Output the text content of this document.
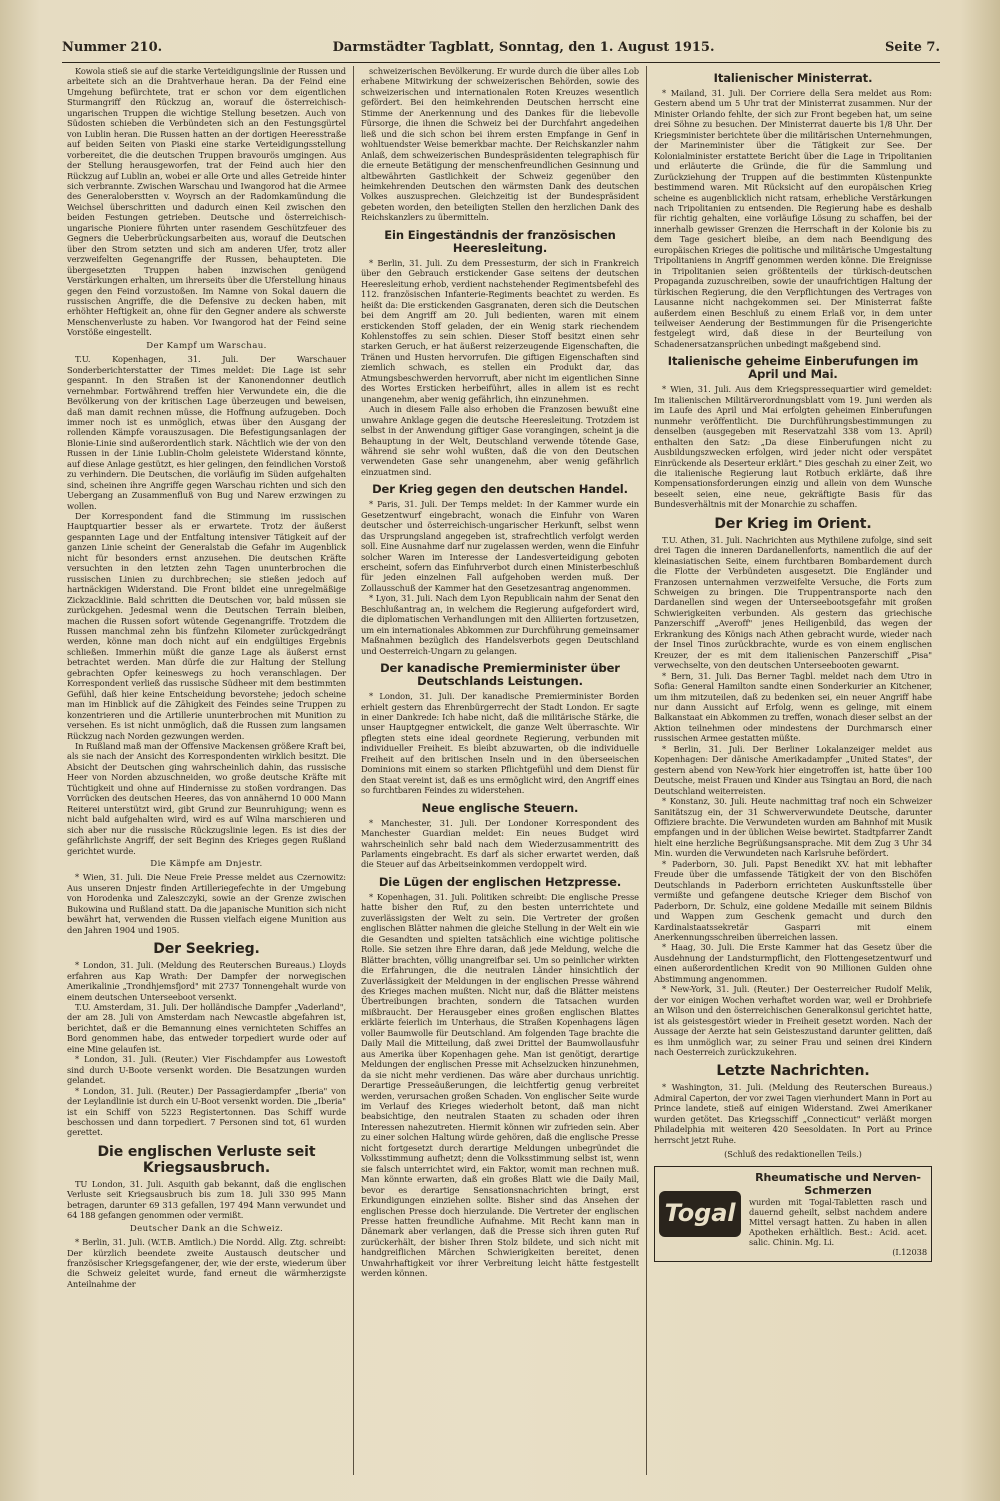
Nummer 210.	Darmstädter Tagblatt, Sonntag, den 1. August 1915.	Seite 7.

Kowola stieß sie auf die starke Verteidigungslinie der Russen und arbeitete sich an die Drahtverhaue heran. Da der Feind eine Umgehung befürchtete, trat er schon vor dem eigentlichen Sturmangriff den Rückzug an, worauf die österreichisch-ungarischen Truppen die wichtige Stellung besetzen. Auch von Südosten schieben die Verbündeten sich an den Festungsgürtel von Lublin heran. Die Russen hatten an der dortigen Heeresstraße auf beiden Seiten von Piaski eine starke Verteidigungsstellung vorbereitet, die die deutschen Truppen bravourös umgingen. Aus der Stellung herausgeworfen, trat der Feind auch hier den Rückzug auf Lublin an, wobei er alle Orte und alles Getreide hinter sich verbrannte. Zwischen Warschau und Iwangorod hat die Armee des Generaloberstten v. Woyrsch an der Radomkamündung die Weichsel überschritten und dadurch einen Keil zwischen den beiden Festungen getrieben. Deutsche und österreichisch-ungarische Pioniere führten unter rasendem Geschützfeuer des Gegners die Ueberbrückungsarbeiten aus, worauf die Deutschen über den Strom setzten und sich am anderen Ufer, trotz aller verzweifelten Gegenangriffe der Russen, behaupteten. Die übergesetzten Truppen haben inzwischen genügend Verstärkungen erhalten, um ihrerseits über die Uferstellung hinaus gegen den Feind vorzustoßen. Im Namne von Sokal dauern die russischen Angriffe, die die Defensive zu decken haben, mit erhöhter Heftigkeit an, ohne für den Gegner andere als schwerste Menschenverluste zu haben. Vor Iwangorod hat der Feind seine Vorstöße eingestellt.

Der Kampf um Warschau.

T.U. Kopenhagen, 31. Juli. Der Warschauer Sonderberichterstatter der Times meldet: Die Lage ist sehr gespannt. In den Straßen ist der Kanonendonner deutlich vernehmbar. Fortwährend treffen hier Verwundete ein, die die Bevölkerung von der kritischen Lage überzeugen und beweisen, daß man damit rechnen müsse, die Hoffnung aufzugeben. Doch immer noch ist es unmöglich, etwas über den Ausgang der rollenden Kämpfe vorauszusagen. Die Befestigungsanlagen der Blonie-Linie sind außerordentlich stark. Nächtlich wie der von den Russen in der Linie Lublin-Cholm geleistete Widerstand könnte, auf diese Anlage gestützt, es hier gelingen, den feindlichen Vorstoß zu verhindern. Die Deutschen, die vorläufig im Süden aufgehalten sind, scheinen ihre Angriffe gegen Warschau richten und sich den Uebergang an Zusammenfluß von Bug und Narew erzwingen zu wollen.

Der Korrespondent fand die Stimmung im russischen Hauptquartier besser als er erwartete. Trotz der äußerst gespannten Lage und der Entfaltung intensiver Tätigkeit auf der ganzen Linie scheint der Generalstab die Gefahr im Augenblick nicht für besonders ernst anzusehen. Die deutschen Kräfte versuchten in den letzten zehn Tagen ununterbrochen die russischen Linien zu durchbrechen; sie stießen jedoch auf hartnäckigen Widerstand. Die Front bildet eine unregelmäßige Zickzacklinie. Bald schritten die Deutschen vor, bald müssen sie zurückgehen. Jedesmal wenn die Deutschen Terrain bleiben, machen die Russen sofort wütende Gegenangriffe. Trotzdem die Russen manchmal zehn bis fünfzehn Kilometer zurückgedrängt werden, könne man doch nicht auf ein endgültiges Ergebnis schließen. Immerhin müßt die ganze Lage als äußerst ernst betrachtet werden. Man dürfe die zur Haltung der Stellung gebrachten Opfer keineswegs zu hoch veranschlagen. Der Korrespondent verließ das russische Südheer mit dem bestimmten Gefühl, daß hier keine Entscheidung bevorstehe; jedoch scheine man im Hinblick auf die Zähigkeit des Feindes seine Truppen zu konzentrieren und die Artillerie ununterbrochen mit Munition zu versehen. Es ist nicht unmöglich, daß die Russen zum langsamen Rückzug nach Norden gezwungen werden.

In Rußland maß man der Offensive Mackensen größere Kraft bei, als sie nach der Ansicht des Korrespondenten wirklich besitzt. Die Absicht der Deutschen ging wahrscheinlich dahin, das russische Heer von Norden abzuschneiden, wo große deutsche Kräfte mit Tüchtigkeit und ohne auf Hindernisse zu stoßen vordrangen. Das Vorrücken des deutschen Heeres, das von annähernd 10 000 Mann Reiterei unterstützt wird, gibt Grund zur Beunruhigung; wenn es nicht bald aufgehalten wird, wird es auf Wilna marschieren und sich aber nur die russische Rückzugslinie legen. Es ist dies der gefährlichste Angriff, der seit Beginn des Krieges gegen Rußland gerichtet wurde.

Die Kämpfe am Dnjestr.

* Wien, 31. Juli. Die Neue Freie Presse meldet aus Czernowitz: Aus unseren Dnjestr finden Artilleriegefechte in der Umgebung von Horodenka und Zaleszczyki, sowie an der Grenze zwischen Bukowina und Rußland statt. Da die japanische Munition sich nicht bewährt hat, verwenden die Russen vielfach eigene Munition aus den Jahren 1904 und 1905.

Der Seekrieg.

* London, 31. Juli. (Meldung des Reuterschen Bureaus.) Lloyds erfahren aus Kap Wrath: Der Dampfer der norwegischen Amerikalinie „Trondhjemsfjord" mit 2737 Tonnengehalt wurde von einem deutschen Unterseeboot versenkt.

T.U. Amsterdam, 31. Juli. Der holländische Dampfer „Vaderland", der am 28. Juli von Amsterdam nach Newcastle abgefahren ist, berichtet, daß er die Bemannung eines vernichteten Schiffes an Bord genommen habe, das entweder torpediert wurde oder auf eine Mine gelaufen ist.

* London, 31. Juli. (Reuter.) Vier Fischdampfer aus Lowestoft sind durch U-Boote versenkt worden. Die Besatzungen wurden gelandet.

* London, 31. Juli. (Reuter.) Der Passagierdampfer „Iberia" von der Leylandlinie ist durch ein U-Boot versenkt worden. Die „Iberia" ist ein Schiff von 5223 Registertonnen. Das Schiff wurde beschossen und dann torpediert. 7 Personen sind tot, 61 wurden gerettet.

Die englischen Verluste seit Kriegsausbruch.

TU London, 31. Juli. Asquith gab bekannt, daß die englischen Verluste seit Kriegsausbruch bis zum 18. Juli 330 995 Mann betragen, darunter 69 313 gefallen, 197 494 Mann verwundet und 64 188 gefangen genommen oder vermißt.

Deutscher Dank an die Schweiz.

* Berlin, 31. Juli. (W.T.B. Amtlich.) Die Nordd. Allg. Ztg. schreibt: Der kürzlich beendete zweite Austausch deutscher und französischer Kriegsgefangener, der, wie der erste, wiederum über die Schweiz geleitet wurde, fand erneut die wärmherzigste Anteilnahme der

schweizerischen Bevölkerung. Er wurde durch die über alles Lob erhabene Mitwirkung der schweizerischen Behörden, sowie des schweizerischen und internationalen Roten Kreuzes wesentlich gefördert. Bei den heimkehrenden Deutschen herrscht eine Stimme der Anerkennung und des Dankes für die liebevolle Fürsorge, die ihnen die Schweiz bei der Durchfahrt angedeihen ließ und die sich schon bei ihrem ersten Empfange in Genf in wohltuendster Weise bemerkbar machte. Der Reichskanzler nahm Anlaß, dem schweizerischen Bundespräsidenten telegraphisch für die erneute Betätigung der menschenfreundlichen Gesinnung und altbewährten Gastlichkeit der Schweiz gegenüber den heimkehrenden Deutschen den wärmsten Dank des deutschen Volkes auszusprechen. Gleichzeitig ist der Bundespräsident gebeten worden, den beteiligten Stellen den herzlichen Dank des Reichskanzlers zu übermitteln.

Ein Eingeständnis der französischen Heeresleitung.

* Berlin, 31. Juli. Zu dem Pressesturm, der sich in Frankreich über den Gebrauch erstickender Gase seitens der deutschen Heeresleitung erhob, verdient nachstehender Regimentsbefehl des 112. französischen Infanterie-Regiments beachtet zu werden. Es heißt da: Die erstickenden Gasgranaten, deren sich die Deutschen bei dem Angriff am 20. Juli bedienten, waren mit einem erstickenden Stoff geladen, der ein Wenig stark riechendem Kohlenstoffes zu sein schien. Dieser Stoff besitzt einen sehr starken Geruch, er hat äußerst reizerzeugende Eigenschaften, die Tränen und Husten hervorrufen. Die giftigen Eigenschaften sind ziemlich schwach, es stellen ein Produkt dar, das Atmungsbeschwerden hervorruft, aber nicht im eigentlichen Sinne des Wortes Ersticken herbeiführt, alles in allem ist es recht unangenehm, aber wenig gefährlich, ihn einzunehmen.

Auch in diesem Falle also erhoben die Franzosen bewußt eine unwahre Anklage gegen die deutsche Heeresleitung. Trotzdem ist selbst in der Anwendung giftiger Gase vorangingen, scheint ja die Behauptung in der Welt, Deutschland verwende tötende Gase, während sie sehr wohl wußten, daß die von den Deutschen verwendeten Gase sehr unangenehm, aber wenig gefährlich einzuatmen sind.

Der Krieg gegen den deutschen Handel.

* Paris, 31. Juli. Der Temps meldet: In der Kammer wurde ein Gesetzentwurf eingebracht, wonach die Einfuhr von Waren deutscher und österreichisch-ungarischer Herkunft, selbst wenn das Ursprungsland angegeben ist, strafrechtlich verfolgt werden soll. Eine Ausnahme darf nur zugelassen werden, wenn die Einfuhr solcher Waren im Interesse der Landesverteidigung geboten erscheint, sofern das Einfuhrverbot durch einen Ministerbeschluß für jeden einzelnen Fall aufgehoben werden muß. Der Zollausschuß der Kammer hat den Gesetzesantrag angenommen.

* Lyon, 31. Juli. Nach dem Lyon Republicain nahm der Senat den Beschlußantrag an, in welchem die Regierung aufgefordert wird, die diplomatischen Verhandlungen mit den Alliierten fortzusetzen, um ein internationales Abkommen zur Durchführung gemeinsamer Maßnahmen bezüglich des Handelsverbots gegen Deutschland und Oesterreich-Ungarn zu gelangen.

Der kanadische Premierminister über Deutschlands Leistungen.

* London, 31. Juli. Der kanadische Premierminister Borden erhielt gestern das Ehrenbürgerrecht der Stadt London. Er sagte in einer Dankrede: Ich habe nicht, daß die militärische Stärke, die unser Hauptgegner entwickelt, die ganze Welt überraschte. Wir pflegten stets eine ideal geordnete Regierung, verbunden mit individueller Freiheit. Es bleibt abzuwarten, ob die individuelle Freiheit auf den britischen Inseln und in den überseeischen Dominions mit einem so starken Pflichtgefühl und dem Dienst für den Staat vereint ist, daß es uns ermöglicht wird, den Angriff eines so furchtbaren Feindes zu widerstehen.

Neue englische Steuern.

* Manchester, 31. Juli. Der Londoner Korrespondent des Manchester Guardian meldet: Ein neues Budget wird wahrscheinlich sehr bald nach dem Wiederzusammentritt des Parlaments eingebracht. Es darf als sicher erwartet werden, daß die Steuer auf das Arbeitseinkommen verdoppelt wird.

Die Lügen der englischen Hetzpresse.

* Kopenhagen, 31. Juli. Politiken schreibt: Die englische Presse hatte bisher den Ruf, zu den besten unterrichtete und zuverlässigsten der Welt zu sein. Die Vertreter der großen englischen Blätter nahmen die gleiche Stellung in der Welt ein wie die Gesandten und spielten tatsächlich eine wichtige politische Rolle. Sie setzen ihre Ehre daran, daß jede Meldung, welche die Blätter brachten, völlig unangreifbar sei. Um so peinlicher wirkten die Erfahrungen, die die neutralen Länder hinsichtlich der Zuverlässigkeit der Meldungen in der englischen Presse während des Krieges machen mußten. Nicht nur, daß die Blätter meistens Übertreibungen brachten, sondern die Tatsachen wurden mißbraucht. Der Herausgeber eines großen englischen Blattes erklärte feierlich im Unterhaus, die Straßen Kopenhagens lägen voller Baumwolle für Deutschland. Am folgenden Tage brachte die Daily Mail die Mitteilung, daß zwei Drittel der Baumwollausfuhr aus Amerika über Kopenhagen gehe. Man ist genötigt, derartige Meldungen der englischen Presse mit Achselzucken hinzunehmen, da sie nicht mehr verdienen. Das wäre aber durchaus unrichtig. Derartige Presseäußerungen, die leichtfertig genug verbreitet werden, verursachen großen Schaden. Von englischer Seite wurde im Verlauf des Krieges wiederholt betont, daß man nicht beabsichtige, den neutralen Staaten zu schaden oder ihren Interessen nahezutreten. Hiermit können wir zufrieden sein. Aber zu einer solchen Haltung würde gehören, daß die englische Presse nicht fortgesetzt durch derartige Meldungen unbegründet die Volksstimmung aufhetzt; denn die Volksstimmung selbst ist, wenn sie falsch unterrichtet wird, ein Faktor, womit man rechnen muß. Man könnte erwarten, daß ein großes Blatt wie die Daily Mail, bevor es derartige Sensationsnachrichten bringt, erst Erkundigungen einziehen sollte. Bisher sind das Ansehen der englischen Presse doch hierzulande. Die Vertreter der englischen Presse hatten freundliche Aufnahme. Mit Recht kann man in Dänemark aber verlangen, daß die Presse sich ihren guten Ruf zurückerhält, der bisher Ihren Stolz bildete, und sich nicht mit handgreiflichen Märchen Schwierigkeiten bereitet, denen Unwahrhaftigkeit vor ihrer Verbreitung leicht hätte festgestellt werden können.

Italienischer Ministerrat.

* Mailand, 31. Juli. Der Corriere della Sera meldet aus Rom: Gestern abend um 5 Uhr trat der Ministerrat zusammen. Nur der Minister Orlando fehlte, der sich zur Front begeben hat, um seine drei Söhne zu besuchen. Der Ministerrat dauerte bis 1/8 Uhr. Der Kriegsminister berichtete über die militärischen Unternehmungen, der Marineminister über die Tätigkeit zur See. Der Kolonialminister erstattete Bericht über die Lage in Tripolitanien und erläuterte die Gründe, die für die Sammlung und Zurückziehung der Truppen auf die bestimmten Küstenpunkte bestimmend waren. Mit Rücksicht auf den europäischen Krieg scheine es augenblicklich nicht ratsam, erhebliche Verstärkungen nach Tripolitanien zu entsenden. Die Regierung habe es deshalb für richtig gehalten, eine vorläufige Lösung zu schaffen, bei der innerhalb gewisser Grenzen die Herrschaft in der Kolonie bis zu dem Tage gesichert bleibe, an dem nach Beendigung des europäischen Krieges die politische und militärische Umgestaltung Tripolitaniens in Angriff genommen werden könne. Die Ereignisse in Tripolitanien seien größtenteils der türkisch-deutschen Propaganda zuzuschreiben, sowie der unaufrichtigen Haltung der türkischen Regierung, die den Verpflichtungen des Vertrages von Lausanne nicht nachgekommen sei. Der Ministerrat faßte außerdem einen Beschluß zu einem Erlaß vor, in dem unter teilweiser Aenderung der Bestimmungen für die Prisengerichte festgelegt wird, daß diese in der Beurteilung von Schadenersatzansprüchen unbedingt maßgebend sind.

Italienische geheime Einberufungen im April und Mai.

* Wien, 31. Juli. Aus dem Kriegspressequartier wird gemeldet: Im italienischen Militärverordnungsblatt vom 19. Juni werden als im Laufe des April und Mai erfolgten geheimen Einberufungen nunmehr veröffentlicht. Die Durchführungsbestimmungen zu denselben (ausgegeben mit Reservatzahl 338 vom 13. April) enthalten den Satz: „Da diese Einberufungen nicht zu Ausbildungszwecken erfolgen, wird jeder nicht oder verspätet Einrückende als Deserteur erklärt." Dies geschah zu einer Zeit, wo die italienische Regierung laut Rotbuch erklärte, daß ihre Kompensationsforderungen einzig und allein von dem Wunsche beseelt seien, eine neue, gekräftigte Basis für das Bundesverhältnis mit der Monarchie zu schaffen.

Der Krieg im Orient.

T.U. Athen, 31. Juli. Nachrichten aus Mythilene zufolge, sind seit drei Tagen die inneren Dardanellenforts, namentlich die auf der kleinasiatischen Seite, einem furchtbaren Bombardement durch die Flotte der Verbündeten ausgesetzt. Die Engländer und Franzosen unternahmen verzweifelte Versuche, die Forts zum Schweigen zu bringen. Die Truppentransporte nach den Dardanellen sind wegen der Unterseebootsgefahr mit großen Schwierigkeiten verbunden. Als gestern das griechische Panzerschiff „Averoff" jenes Heiligenbild, das wegen der Erkrankung des Königs nach Athen gebracht wurde, wieder nach der Insel Tinos zurückbrachte, wurde es von einem englischen Kreuzer, der es mit dem italienischen Panzerschiff „Pisa" verwechselte, von den deutschen Unterseebooten gewarnt.

* Bern, 31. Juli. Das Berner Tagbl. meldet nach dem Utro in Sofia: General Hamilton sandte einen Sonderkurier an Kitchener, um ihm mitzuteilen, daß zu bedenken sei, ein neuer Angriff habe nur dann Aussicht auf Erfolg, wenn es gelinge, mit einem Balkanstaat ein Abkommen zu treffen, wonach dieser selbst an der Aktion teilnehmen oder mindestens der Durchmarsch einer russischen Armee gestatten müßte.

* Berlin, 31. Juli. Der Berliner Lokalanzeiger meldet aus Kopenhagen: Der dänische Amerikadampfer „United States", der gestern abend von New-York hier eingetroffen ist, hatte über 100 Deutsche, meist Frauen und Kinder aus Tsingtau an Bord, die nach Deutschland weiterreisten.

* Konstanz, 30. Juli. Heute nachmittag traf noch ein Schweizer Sanitätszug ein, der 31 Schwerverwundete Deutsche, darunter Offiziere brachte. Die Verwundeten wurden am Bahnhof mit Musik empfangen und in der üblichen Weise bewirtet. Stadtpfarrer Zandt hielt eine herzliche Begrüßungsansprache. Mit dem Zug 3 Uhr 34 Min. wurden die Verwundeten nach Karlsruhe befördert.

* Paderborn, 30. Juli. Papst Benedikt XV. hat mit lebhafter Freude über die umfassende Tätigkeit der von den Bischöfen Deutschlands in Paderborn errichteten Auskunftsstelle über vermißte und gefangene deutsche Krieger dem Bischof von Paderborn, Dr. Schulz, eine goldene Medaille mit seinem Bildnis und Wappen zum Geschenk gemacht und durch den Kardinalstaatssekretär Gasparri mit einem Anerkennungsschreiben überreichen lassen.

* Haag, 30. Juli. Die Erste Kammer hat das Gesetz über die Ausdehnung der Landsturmpflicht, den Flottengesetzentwurf und einen außerordentlichen Kredit von 90 Millionen Gulden ohne Abstimmung angenommen.

* New-York, 31. Juli. (Reuter.) Der Oesterreicher Rudolf Melik, der vor einigen Wochen verhaftet worden war, weil er Drohbriefe an Wilson und den österreichischen Generalkonsul gerichtet hatte, ist als geistesgestört wieder in Freiheit gesetzt worden. Nach der Aussage der Aerzte hat sein Geisteszustand darunter gelitten, daß es ihm unmöglich war, zu seiner Frau und seinen drei Kindern nach Oesterreich zurückzukehren.

Letzte Nachrichten.

* Washington, 31. Juli. (Meldung des Reuterschen Bureaus.) Admiral Caperton, der vor zwei Tagen vierhundert Mann in Port au Prince landete, stieß auf einigen Widerstand. Zwei Amerikaner wurden getötet. Das Kriegsschiff „Connecticut" verläßt morgen Philadelphia mit weiteren 420 Seesoldaten. In Port au Prince herrscht jetzt Ruhe.

(Schluß des redaktionellen Teils.)
Togal
Rheumatische und Nerven-Schmerzen
wurden mit Togal-Tabletten rasch und dauernd geheilt, selbst nachdem andere Mittel versagt hatten. Zu haben in allen Apotheken erhältlich. Best.: Acid. acet. salic. Chinin. Mg. Li.
(I.12038
